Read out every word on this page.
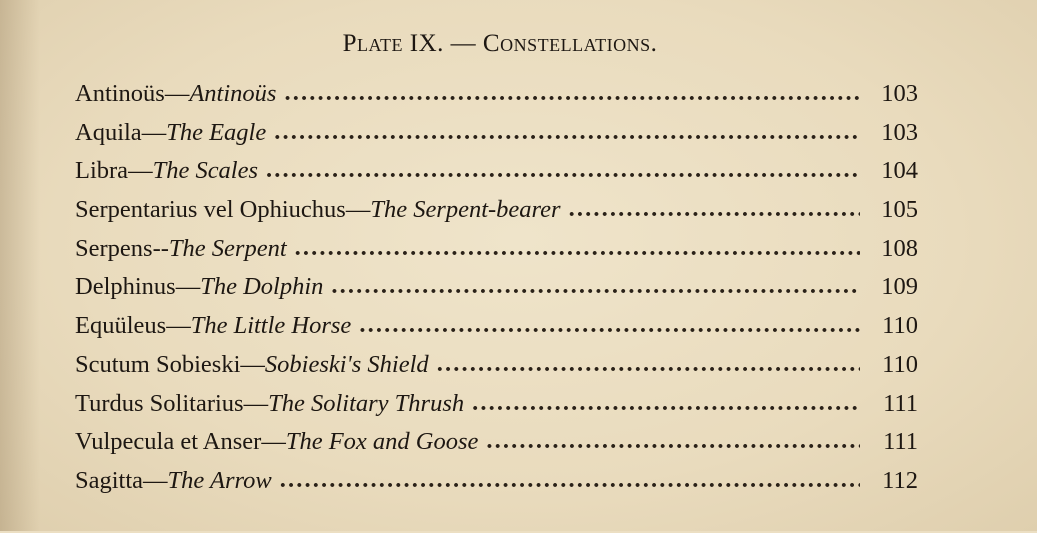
Plate IX. — Constellations.
Antinoüs — Antinoüs . . .	103
Aquila — The Eagle . . .	103
Libra — The Scales . . .	104
Serpentarius vel Ophiuchus — The Serpent-bearer . . .	105
Serpens -- The Serpent . . .	108
Delphinus — The Dolphin . . .	109
Equüleus — The Little Horse . . .	110
Scutum Sobieski — Sobieski's Shield . . .	110
Turdus Solitarius — The Solitary Thrush . . .	111
Vulpecula et Anser — The Fox and Goose . . .	111
Sagitta — The Arrow . . .	112
